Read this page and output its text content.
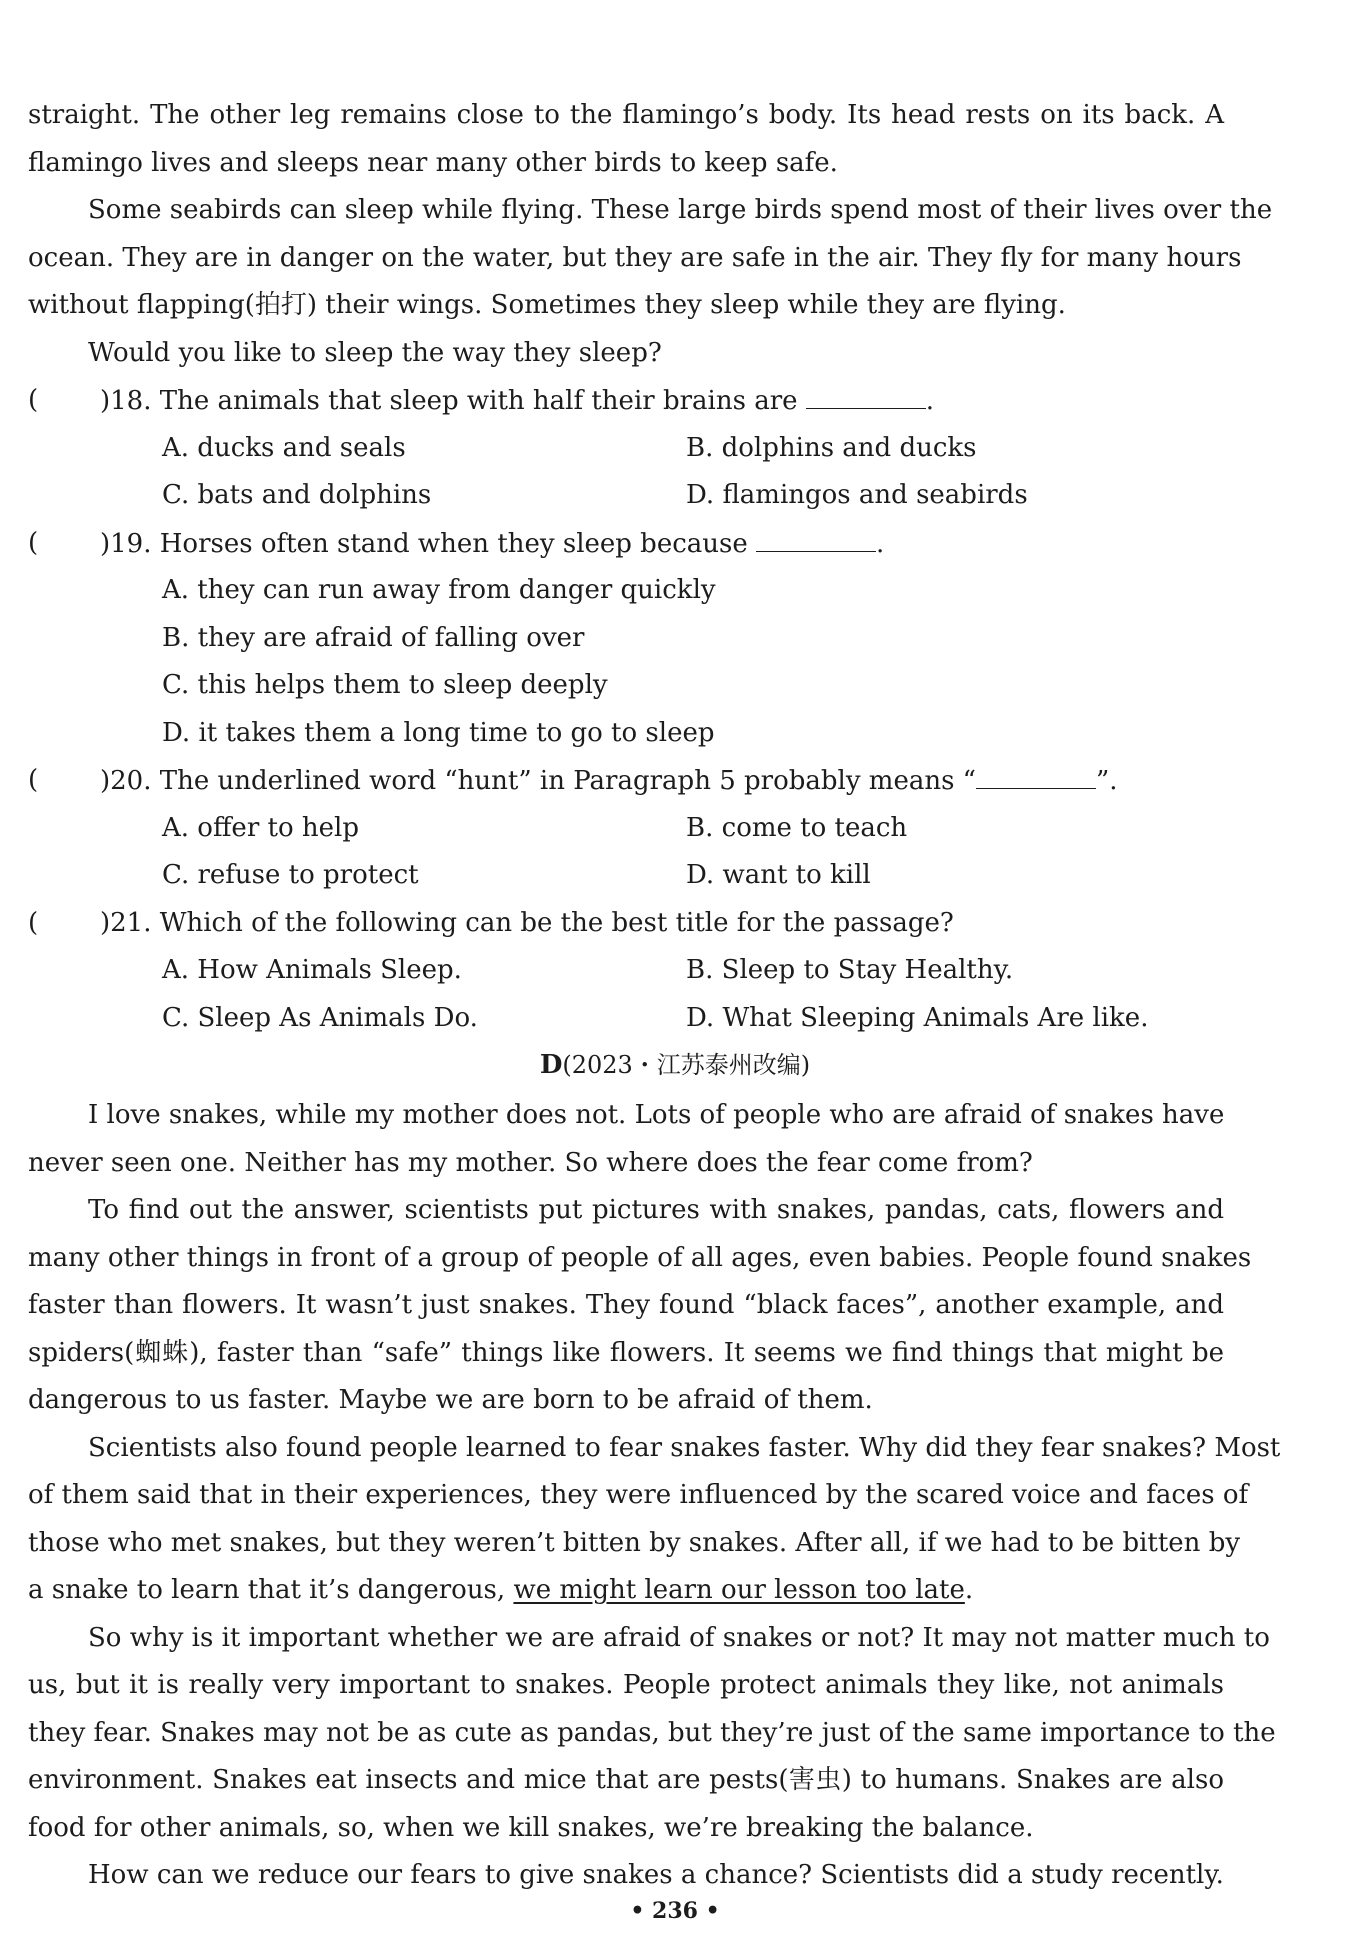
straight. The other leg remains close to the flamingo’s body. Its head rests on its back. A
flamingo lives and sleeps near many other birds to keep safe.
Some seabirds can sleep while flying. These large birds spend most of their lives over the
ocean. They are in danger on the water, but they are safe in the air. They fly for many hours
without flapping(拍打) their wings. Sometimes they sleep while they are flying.
Would you like to sleep the way they sleep?
( )18. The animals that sleep with half their brains are	.
A. ducks and seals	B. dolphins and ducks
C. bats and dolphins	D. flamingos and seabirds
( )19. Horses often stand when they sleep because	.
A. they can run away from danger quickly
B. they are afraid of falling over
C. this helps them to sleep deeply
D. it takes them a long time to go to sleep
( )20. The underlined word “hunt” in Paragraph 5 probably means “	”.
A. offer to help	B. come to teach
C. refuse to protect	D. want to kill
( )21. Which of the following can be the best title for the passage?
A. How Animals Sleep.	B. Sleep to Stay Healthy.
C. Sleep As Animals Do.	D. What Sleeping Animals Are like.
D(2023・江苏泰州改编)
I love snakes, while my mother does not. Lots of people who are afraid of snakes have
never seen one. Neither has my mother. So where does the fear come from?
To find out the answer, scientists put pictures with snakes, pandas, cats, flowers and
many other things in front of a group of people of all ages, even babies. People found snakes
faster than flowers. It wasn’t just snakes. They found “black faces”, another example, and
spiders(蜘蛛), faster than “safe” things like flowers. It seems we find things that might be
dangerous to us faster. Maybe we are born to be afraid of them.
Scientists also found people learned to fear snakes faster. Why did they fear snakes? Most
of them said that in their experiences, they were influenced by the scared voice and faces of
those who met snakes, but they weren’t bitten by snakes. After all, if we had to be bitten by
a snake to learn that it’s dangerous, we might learn our lesson too late.
So why is it important whether we are afraid of snakes or not? It may not matter much to
us, but it is really very important to snakes. People protect animals they like, not animals
they fear. Snakes may not be as cute as pandas, but they’re just of the same importance to the
environment. Snakes eat insects and mice that are pests(害虫) to humans. Snakes are also
food for other animals, so, when we kill snakes, we’re breaking the balance.
How can we reduce our fears to give snakes a chance? Scientists did a study recently.
• 236 •
